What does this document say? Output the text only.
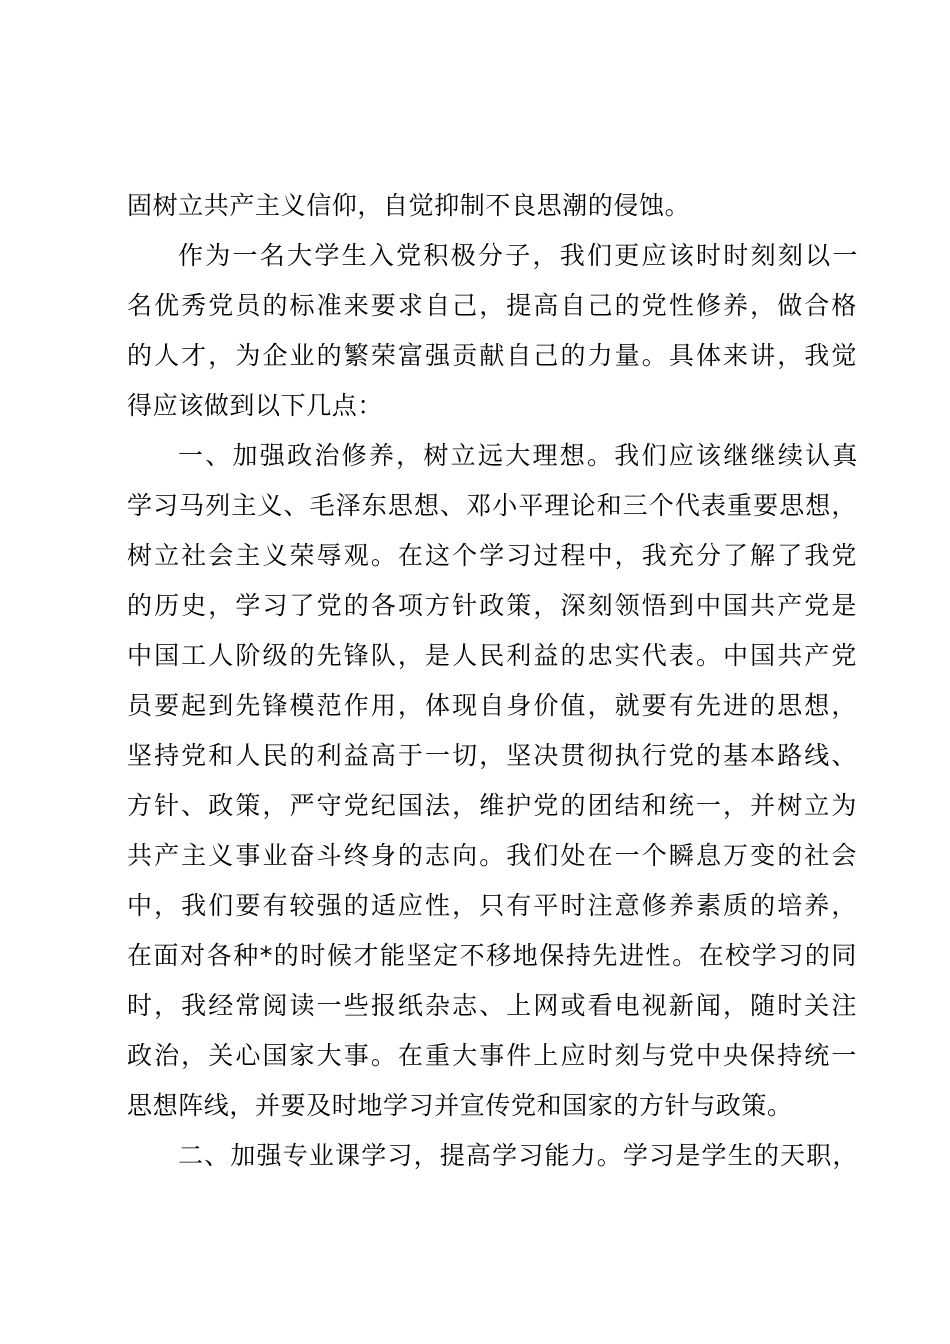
固树立共产主义信仰，自觉抑制不良思潮的侵蚀。
作为一名大学生入党积极分子，我们更应该时时刻刻以一
名优秀党员的标准来要求自己，提高自己的党性修养，做合格
的人才，为企业的繁荣富强贡献自己的力量。具体来讲，我觉
得应该做到以下几点：
一、加强政治修养，树立远大理想。我们应该继继续认真
学习马列主义、毛泽东思想、邓小平理论和三个代表重要思想，
树立社会主义荣辱观。在这个学习过程中，我充分了解了我党
的历史，学习了党的各项方针政策，深刻领悟到中国共产党是
中国工人阶级的先锋队，是人民利益的忠实代表。中国共产党
员要起到先锋模范作用，体现自身价值，就要有先进的思想，
坚持党和人民的利益高于一切，坚决贯彻执行党的基本路线、
方针、政策，严守党纪国法，维护党的团结和统一，并树立为
共产主义事业奋斗终身的志向。我们处在一个瞬息万变的社会
中，我们要有较强的适应性，只有平时注意修养素质的培养，
在面对各种*的时候才能坚定不移地保持先进性。在校学习的同
时，我经常阅读一些报纸杂志、上网或看电视新闻，随时关注
政治，关心国家大事。在重大事件上应时刻与党中央保持统一
思想阵线，并要及时地学习并宣传党和国家的方针与政策。
二、加强专业课学习，提高学习能力。学习是学生的天职，
